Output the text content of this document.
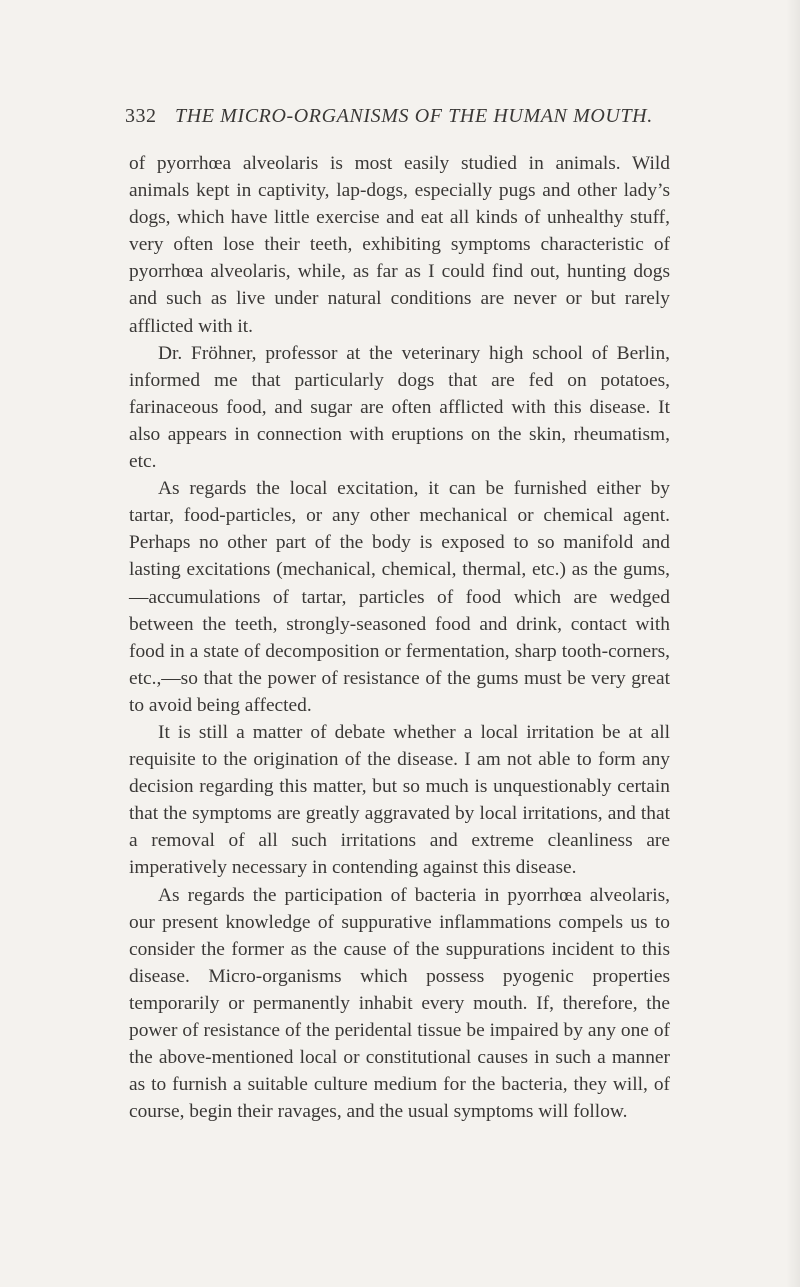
332 THE MICRO-ORGANISMS OF THE HUMAN MOUTH.

of pyorrhœa alveolaris is most easily studied in animals. Wild animals kept in captivity, lap-dogs, especially pugs and other lady’s dogs, which have little exercise and eat all kinds of unhealthy stuff, very often lose their teeth, exhibiting symptoms characteristic of pyorrhœa alveolaris, while, as far as I could find out, hunting dogs and such as live under natural conditions are never or but rarely afflicted with it.

Dr. Fröhner, professor at the veterinary high school of Berlin, informed me that particularly dogs that are fed on potatoes, farinaceous food, and sugar are often afflicted with this disease. It also appears in connection with eruptions on the skin, rheumatism, etc.

As regards the local excitation, it can be furnished either by tartar, food-particles, or any other mechanical or chemical agent. Perhaps no other part of the body is exposed to so manifold and lasting excitations (mechanical, chemical, thermal, etc.) as the gums,—accumulations of tartar, particles of food which are wedged between the teeth, strongly-seasoned food and drink, contact with food in a state of decomposition or fermentation, sharp tooth-corners, etc.,—so that the power of resistance of the gums must be very great to avoid being affected.

It is still a matter of debate whether a local irritation be at all requisite to the origination of the disease. I am not able to form any decision regarding this matter, but so much is unquestionably certain that the symptoms are greatly aggravated by local irritations, and that a removal of all such irritations and extreme cleanliness are imperatively necessary in contending against this disease.

As regards the participation of bacteria in pyorrhœa alveolaris, our present knowledge of suppurative inflammations compels us to consider the former as the cause of the suppurations incident to this disease. Micro-organisms which possess pyogenic properties temporarily or permanently inhabit every mouth. If, therefore, the power of resistance of the peridental tissue be impaired by any one of the above-mentioned local or constitutional causes in such a manner as to furnish a suitable culture medium for the bacteria, they will, of course, begin their ravages, and the usual symptoms will follow.
